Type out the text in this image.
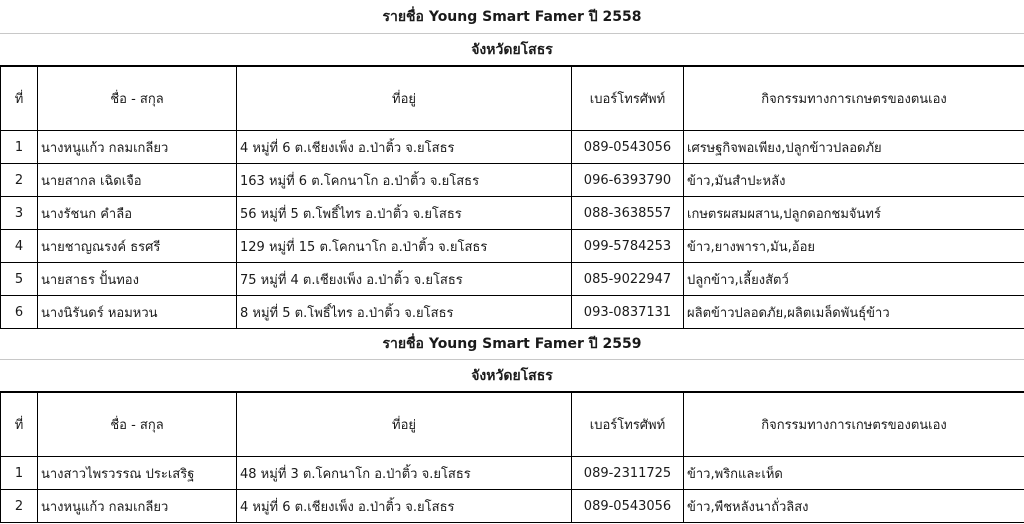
รายชื่อ Young Smart Famer ปี 2558
จังหวัดยโสธร
ที่	ชื่อ - สกุล	ที่อยู่	เบอร์โทรศัพท์	กิจกรรมทางการเกษตรของตนเอง
1	นางหนูแก้ว กลมเกลียว	4 หมู่ที่ 6 ต.เชียงเพ็ง อ.ป่าติ้ว จ.ยโสธร	089-0543056	เศรษฐกิจพอเพียง,ปลูกข้าวปลอดภัย
2	นายสากล เฉิดเจือ	163 หมู่ที่ 6 ต.โคกนาโก อ.ป่าติ้ว จ.ยโสธร	096-6393790	ข้าว,มันสำปะหลัง
3	นางรัชนก คำลือ	56 หมู่ที่ 5 ต.โพธิ์ไทร อ.ป่าติ้ว จ.ยโสธร	088-3638557	เกษตรผสมผสาน,ปลูกดอกชมจันทร์
4	นายชาญณรงค์ ธรศรี	129 หมู่ที่ 15 ต.โคกนาโก อ.ป่าติ้ว จ.ยโสธร	099-5784253	ข้าว,ยางพารา,มัน,อ้อย
5	นายสาธร ปั้นทอง	75 หมู่ที่ 4 ต.เชียงเพ็ง อ.ป่าติ้ว จ.ยโสธร	085-9022947	ปลูกข้าว,เลี้ยงสัตว์
6	นางนิรันดร์ หอมหวน	8 หมู่ที่ 5 ต.โพธิ์ไทร อ.ป่าติ้ว จ.ยโสธร	093-0837131	ผลิตข้าวปลอดภัย,ผลิตเมล็ดพันธุ์ข้าว
รายชื่อ Young Smart Famer ปี 2559
จังหวัดยโสธร
ที่	ชื่อ - สกุล	ที่อยู่	เบอร์โทรศัพท์	กิจกรรมทางการเกษตรของตนเอง
1	นางสาวไพรวรรณ ประเสริฐ	48 หมู่ที่ 3 ต.โคกนาโก อ.ป่าติ้ว จ.ยโสธร	089-2311725	ข้าว,พริกและเห็ด
2	นางหนูแก้ว กลมเกลียว	4 หมู่ที่ 6 ต.เชียงเพ็ง อ.ป่าติ้ว จ.ยโสธร	089-0543056	ข้าว,พืชหลังนาถั่วลิสง
